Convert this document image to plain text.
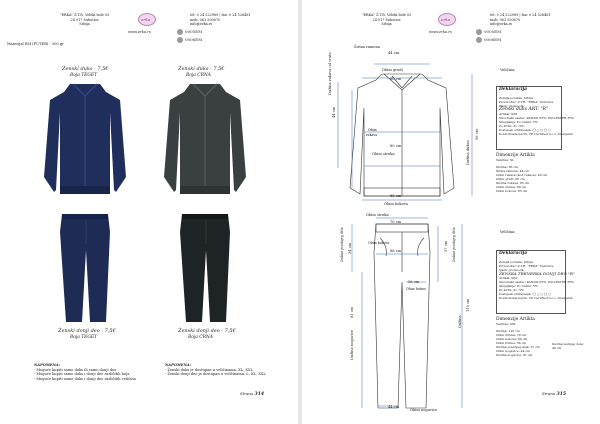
"ERKA" Z.T.R. Veleki bole 03
24 017 Subotica
Srbija
erka
tel: 0 24 522989 | fax: 0 24 526461
mob: 063 550670
info@erka.rs
www.erka.rs	0005EM
0006EM
Materijal EM (FUTER) - 300 gr
Ženski duks - 7,5€
Boja TEGET
Ženski duks - 7,5€
Boja CRNA
Ženski donji deo - 7,5€
Boja TEGET
Ženski donji deo - 7,5€
Boja CRNA
NAPOMENA:
- Moguće kupiti samo duks ili samo donji deo
- Moguće kupiti samo duks i donji deo različitih boja
- Moguće kupiti samo duks i donji deo različitih veličina
NAPOMENA:
- Ženski duks je dostupan u veličinama: XL, XXL
- Ženski donji deo je dostupan u veličinama: L, XL, XXL
Strana 314
"ERKA" Z.T.R. Veleki bole 03
24 017 Subotica
Srbija
erka
tel: 0 24 522989 | fax: 0 24 526461
mob: 063 550670
info@erka.rs
www.erka.rs	0005EM
0006EM
Širina ramena
44 cm
Obim grudi
Dužina rukava od vrata
44 cm
80 cm
Obim
rukava
80 cm
Obim struka	Dužina duksa
56 cm
85 cm
Obim bokova
Obim struka
70 cm
Dužina prednjeg dela 34 cm	86 cm
Obim kukova	Dužina prednjeg dela
37 cm
56 cm
Obim butine
Dužina nogavice
81 cm
Dužina
110 cm
44 cm
Obim nogavice
Veličina:
Deklaracija
Zemlja porekla: Srbija
Proizvođač: Z.T.R. "ERKA" Subotica
Naziv proizvoda:
Ženski duks ART. "R"
Artikal: 084
Sirovinski sastav: PAMUK 65%, POLIESTER 35%
Skupljanje: Po dužini: 5%
Po širini: do -5%
Postupak održavanja: ◯ △ □ ◯ ▢
Kontrolisani način: CE-Certified d.o.o. Zrenjanin
Dimenzije Artikla
Veličina: XL
Dužina: 66 cm
Širina ramena: 44 cm
Obim rukava (kod rukava): 40 cm
Obim grudi: 80 cm
Dužina rukava: 85 cm
Obim struka: 80 cm
Obim bokova: 85 cm
Veličina:
Deklaracija
Zemlja porekla: Srbija
Proizvođač: Z.T.R. "ERKA" Subotica
Naziv proizvoda:
ŽENSKA TRENERKA DONJI DEO "R"
Artikal: 083
Sirovinski sastav: PAMUK 65%, POLIESTER 35%
Skupljanje: Po dužini: 5%
Po širini: do -5%
Postupak održavanja: ◯ △ □ ◯ ▢
Kontrolisani način: CE-Certified d.o.o. Zrenjanin
Dimenzije Artikla
Veličina: XXL
Dužina: 110 cm
Obim struka: 70 cm
Obim kukova: 86 cm
Obim butine: 56 cm
Dužina prednjeg dela: 37 cm
Obim nogavice: 44 cm
Dužina nogavice: 81 cm
Dužina zadnjeg dela: 46 cm
Strana 315
